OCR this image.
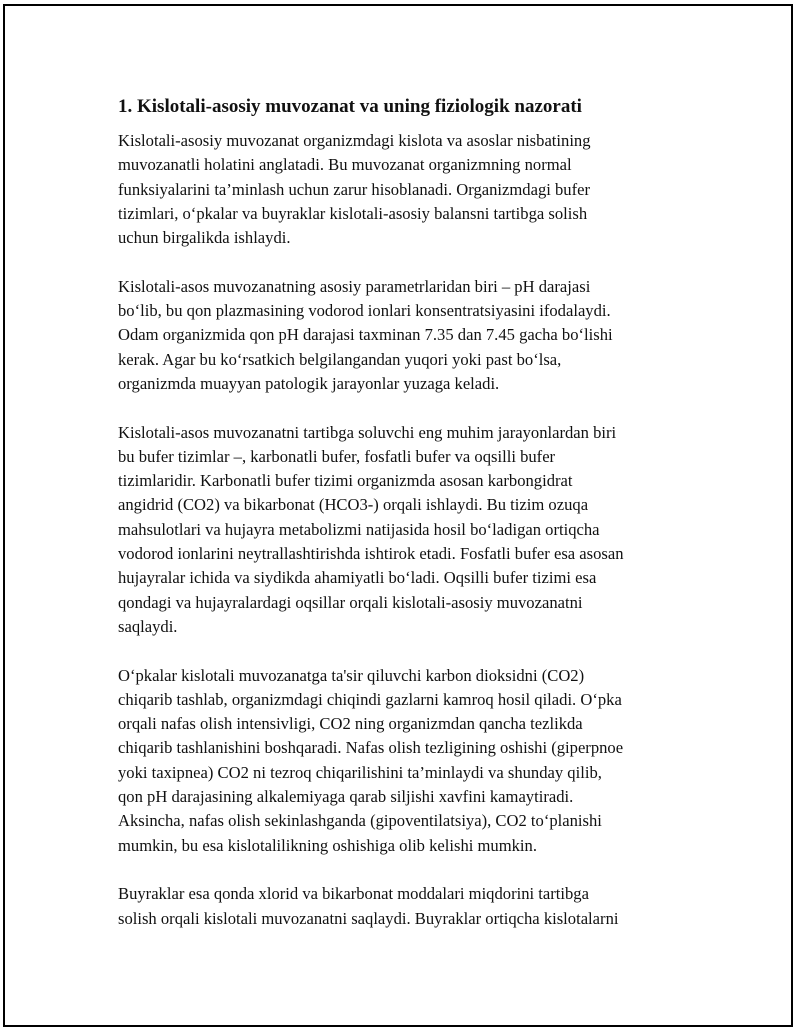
1. Kislotali-asosiy muvozanat va uning fiziologik nazorati

Kislotali-asosiy muvozanat organizmdagi kislota va asoslar nisbatining
muvozanatli holatini anglatadi. Bu muvozanat organizmning normal
funksiyalarini ta’minlash uchun zarur hisoblanadi. Organizmdagi bufer
tizimlari, o‘pkalar va buyraklar kislotali-asosiy balansni tartibga solish
uchun birgalikda ishlaydi.

Kislotali-asos muvozanatning asosiy parametrlaridan biri – pH darajasi
bo‘lib, bu qon plazmasining vodorod ionlari konsentratsiyasini ifodalaydi.
Odam organizmida qon pH darajasi taxminan 7.35 dan 7.45 gacha bo‘lishi
kerak. Agar bu ko‘rsatkich belgilangandan yuqori yoki past bo‘lsa,
organizmda muayyan patologik jarayonlar yuzaga keladi.

Kislotali-asos muvozanatni tartibga soluvchi eng muhim jarayonlardan biri
bu bufer tizimlar –, karbonatli bufer, fosfatli bufer va oqsilli bufer
tizimlaridir. Karbonatli bufer tizimi organizmda asosan karbongidrat
angidrid (CO2) va bikarbonat (HCO3-) orqali ishlaydi. Bu tizim ozuqa
mahsulotlari va hujayra metabolizmi natijasida hosil bo‘ladigan ortiqcha
vodorod ionlarini neytrallashtirishda ishtirok etadi. Fosfatli bufer esa asosan
hujayralar ichida va siydikda ahamiyatli bo‘ladi. Oqsilli bufer tizimi esa
qondagi va hujayralardagi oqsillar orqali kislotali-asosiy muvozanatni
saqlaydi.

O‘pkalar kislotali muvozanatga ta'sir qiluvchi karbon dioksidni (CO2)
chiqarib tashlab, organizmdagi chiqindi gazlarni kamroq hosil qiladi. O‘pka
orqali nafas olish intensivligi, CO2 ning organizmdan qancha tezlikda
chiqarib tashlanishini boshqaradi. Nafas olish tezligining oshishi (giperpnoe
yoki taxipnea) CO2 ni tezroq chiqarilishini ta’minlaydi va shunday qilib,
qon pH darajasining alkalemiyaga qarab siljishi xavfini kamaytiradi.
Aksincha, nafas olish sekinlashganda (gipoventilatsiya), CO2 to‘planishi
mumkin, bu esa kislotalilikning oshishiga olib kelishi mumkin.

Buyraklar esa qonda xlorid va bikarbonat moddalari miqdorini tartibga
solish orqali kislotali muvozanatni saqlaydi. Buyraklar ortiqcha kislotalarni
